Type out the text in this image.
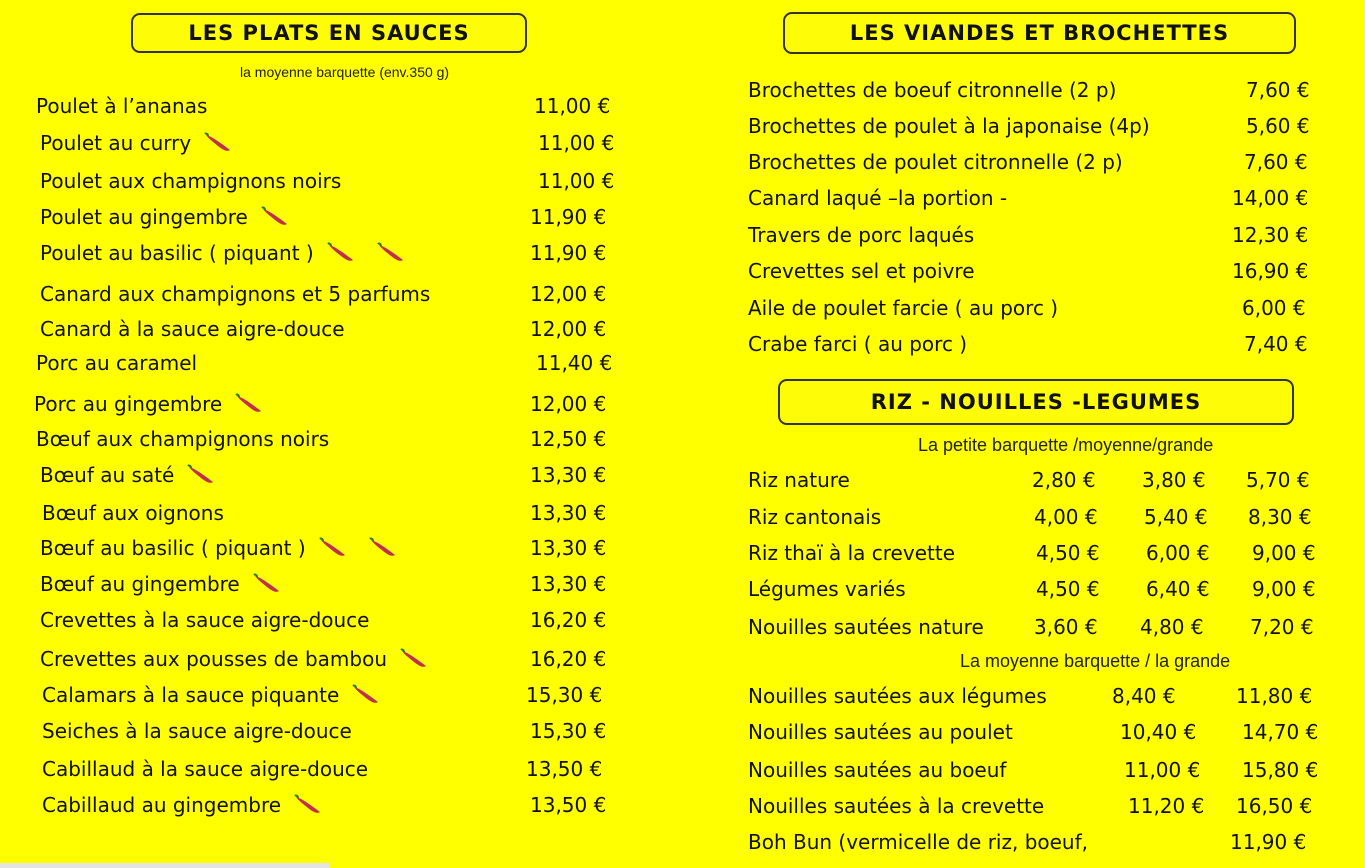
LES PLATS EN SAUCES
la moyenne barquette (env.350 g)
Poulet à l’ananas	11,00 €
Poulet au curry	11,00 €
Poulet aux champignons noirs	11,00 €
Poulet au gingembre	11,90 €
Poulet au basilic ( piquant )	11,90 €
Canard aux champignons et 5 parfums	12,00 €
Canard à la sauce aigre-douce	12,00 €
Porc au caramel	11,40 €
Porc au gingembre	12,00 €
Bœuf aux champignons noirs	12,50 €
Bœuf au saté	13,30 €
Bœuf aux oignons	13,30 €
Bœuf au basilic ( piquant )	13,30 €
Bœuf au gingembre	13,30 €
Crevettes à la sauce aigre-douce	16,20 €
Crevettes aux pousses de bambou	16,20 €
Calamars à la sauce piquante	15,30 €
Seiches à la sauce aigre-douce	15,30 €
Cabillaud à la sauce aigre-douce	13,50 €
Cabillaud au gingembre	13,50 €
LES VIANDES ET BROCHETTES
Brochettes de boeuf citronnelle (2 p)	7,60 €
Brochettes de poulet à la japonaise (4p)	5,60 €
Brochettes de poulet citronnelle (2 p)	7,60 €
Canard laqué –la portion -	14,00 €
Travers de porc laqués	12,30 €
Crevettes sel et poivre	16,90 €
Aile de poulet farcie ( au porc )	6,00 €
Crabe farci ( au porc )	7,40 €
RIZ - NOUILLES -LEGUMES
La petite barquette /moyenne/grande
Riz nature	2,80 € 3,80 € 5,70 €
Riz cantonais	4,00 € 5,40 € 8,30 €
Riz thaï à la crevette	4,50 € 6,00 € 9,00 €
Légumes variés	4,50 € 6,40 € 9,00 €
Nouilles sautées nature	3,60 € 4,80 € 7,20 €
La moyenne barquette / la grande
Nouilles sautées aux légumes	8,40 €	11,80 €
Nouilles sautées au poulet	10,40 € 14,70 €
Nouilles sautées au boeuf	11,00 € 15,80 €
Nouilles sautées à la crevette	11,20 € 16,50 €
Boh Bun (vermicelle de riz, boeuf,	11,90 €
